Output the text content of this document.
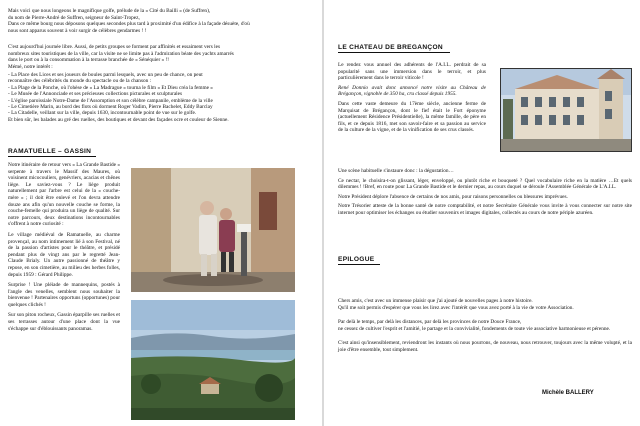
Mais voici que nous longeons le magnifique golfe, prélude de la « Cité du Bailli » (de Suffren),

du nom de Pierre-André de Suffren, seigneur de Saint-Tropez,

Dans ce même bourg nous déposons quelques secondes plus tard à proximité d'un édifice à la façade désuète, d'où

nous sont apparus souvent à voir surgir de célèbres gendarmes ! !

C'est aujourd'hui journée libre. Aussi, de petits groupes se forment par affinités et essaiment vers les

nombreux sites touristiques de la ville, car la visite ne se limite pas à l'admiration béate des yachts amarrés

dans le port ou à la consommation à la terrasse branchée de « Sénéquier » !!

Mémé, notre intérêt :

- La Place des Lices et ses joueurs de boules parmi lesquels, avec un peu de chance, on peut
reconnaître des célébrités du monde du spectacle ou de la chanson :
- La Plage de la Ponche, où l'ohèse de « La Madrague » tourna le film « Et Dieu créa la femme »
- Le Musée de l'Annonciade et ses précieuses collections picturales et sculpturales
- L'église paroissiale Notre-Dame de l'Assomption et son célèbre campanile, emblème de la ville
- Le Cimetière Marin, au bord des flots où dorment Roger Vadim, Pierre Bachelet, Eddy Barclay
- La Citadelle, veillant sur la ville, depuis 1630, incontournable point de vue sur le golfe.

Et bien sûr, les balades au gré des ruelles, des boutiques et devant des façades ocre et couleur de Sienne.

RAMATUELLE – GASSIN

Notre itinéraire de retour vers « La Grande Bastide » serpente à travers le Massif des Maures, où voisinent micocouliers, genévriers, acacias et chênes liège. Le saviez-vous ? Le liège produit naturellement par l'arbre est celui de la « couche-mère » ; il doit être enlevé et l'on devra attendre douze ans afin qu'un nouvelle couche se forme, la couche-femelle qui produira un liège de qualité. Sur notre parcours, deux destinations incontournables s'offrent à notre curiosité :

Le village médiéval de Ramatuelle, au charme provençal, au nom intimement lié à son Festival, né de la passion d'artistes pour le théâtre, et présidé pendant plus de vingt ans par le regretté Jean-Claude Brialy. Un autre passionné de théâtre y repose, en son cimetière, au milieu des herbes folles, depuis 1959 : Gérard Philippe.

Surprise ! Une pléiade de mannequins, postés à l'angle des venelles, semblent nous souhaiter la bienvenue ! Partenaires opportuns (opportunes) pour quelques clichés !

Sur son piton rocheux, Gassin éparpille ses ruelles et ses terrasses autour d'une place dont la vue s'échappe sur d'éblouissants panoramas.

LE CHATEAU DE BREGANÇON

Le rendez vous annuel des adhérents de l'A.I.L. perdrait de sa popularité sans une immersion dans le terroir, et plus particulièrement dans le terroir viticole !

René Donnio avait donc annoncé notre visite au Château de Brégançon, vignoble de 350 ha, cru classé depuis 1955.

Dans cette vaste demeure du 17ème siècle, ancienne ferme de Marquisat de Brégançon, dont le fief était le Fort éponyme (actuellement Résidence Présidentielle), la même famille, de père en fils, et ce depuis 1816, met son savoir-faire et sa passion au service de la culture de la vigne, et de la vinification de ses crus classés.

Une scène habituelle s'instaure donc : la dégustation…

Ce nectar, le choisira-t-on glissant, léger, enveloppé, ou plutôt riche et bouqueté ? Quel vocabulaire riche en la matière …Et quels dilemmes ! !Bref, en route pour La Grande Bastide et le dernier repas, au cours duquel se déroule l'Assemblée Générale de L'A.I.L.

Notre Président déplore l'absence de certains de nos amis, pour raisons personnelles ou blessures imprévues.

Notre Trésorier atteste de la bonne santé de notre comptabilité, et notre Secrétaire Générale vous invite à vous connecter sur notre site internet pour optimiser les échanges ou étudier souvenirs et images digitales, collectés au cours de notre périple azuréen.

EPILOGUE

Chers amis, c'est avec un immense plaisir que j'ai ajouté de nouvelles pages à notre histoire.

Qu'il me soit permis d'espérer que vous les lirez avec l'intérêt que vous avez porté à la vie de votre Association.

Par delà le temps, par delà les distances, par delà les provinces de notre Douce France,

ne cessez de cultiver l'esprit et l'amitié, le partage et la convivialité, fondements de toute vie associative harmonieuse et pérenne.

C'est ainsi qu'insensiblement, reviendront les instants où nous pourrons, de nouveau, nous retrouver, toujours avec la même volupté, et la joie d'être ensemble, tout simplement.

Michèle BALLERY
